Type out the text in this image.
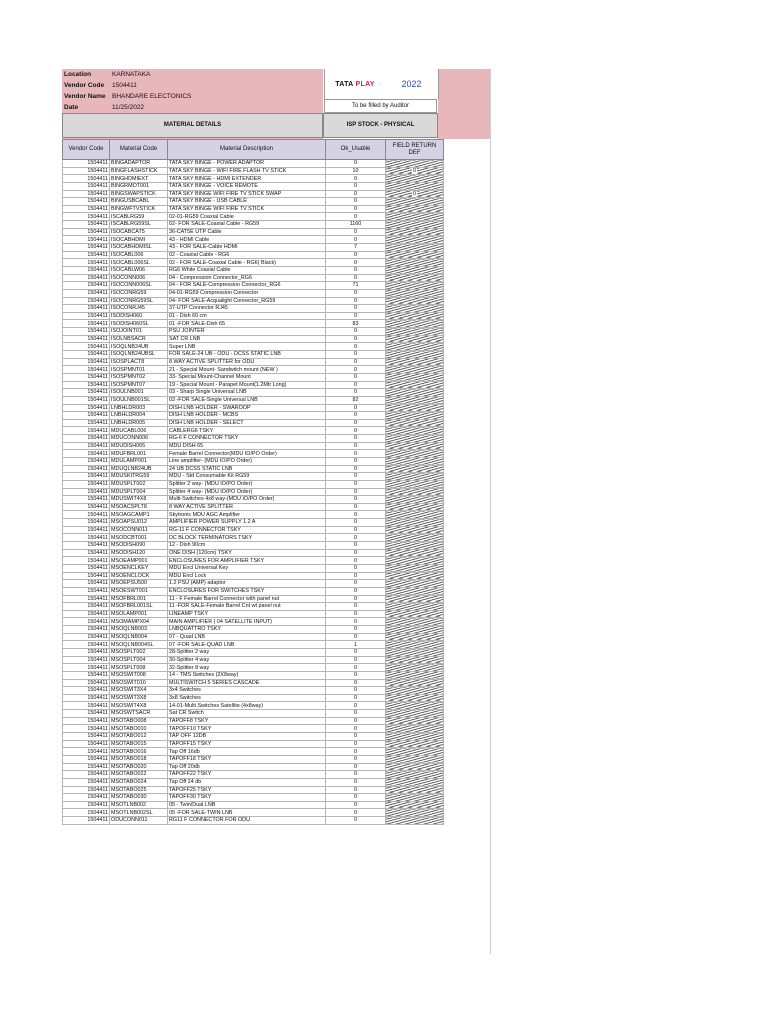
Location	KARNATAKA
Vendor Code	1504411
Vendor Name BHANDARE ELECTONICS
Date	11/25/2022
TATA PLAY	2022
To be filled by Auditor
MATERIAL DETAILS	ISP STOCK - PHYSICAL
Vendor Code	Material Code	Material Description	Ok_Usable	FIELD RETURN DEF
1504411	BINGADAPTOR	TATA SKY BINGE - POWER ADAPTOR	0	
1504411	BINGFLASHSTICK	TATA SKY BINGE - WIFI FIRE FLASH TV STICK	10	0
1504411	BINGHDMIEXT	TATA SKY BINGE - HDMI EXTENDER	0	
1504411	BINGRMOT001	TATA SKY BINGE - VOICE REMOTE	0	
1504411	BINGSWAPSTICK	TATA SKY BINGE WIFI FIRE TV STICK SWAP	0	0
1504411	BINGUSBCABL	TATA SKY BINGE - USB CABLE	0	
1504411	BINGWFTVSTICK	TATA SKY BINGE WIFI FIRE TV STICK	0	
1504411	ISCABLRG59	02-01-RG59 Coaxial Cable	0	
1504411	ISCABLRG59SL	02- FOR SALE-Coaxial Cable - RG59	1160	
1504411	ISOCABCAT5	36-CAT5E UTP Cable	0	
1504411	ISOCABHDMI	43 - HDMI Cable	0	
1504411	ISOCABHDMISL	43 - FOR SALE-Cable HDMI	7	
1504411	ISOCABL006	02 - Coaxial Cable - RG6	0	
1504411	ISOCABL006SL	02 - FOR SALE-Coaxial Cable - RG6( Black)	0	
1504411	ISOCABLW06	RG6 White Coaxial Cable	0	
1504411	ISOCONN006	04 - Compression Connector_RG6	0	
1504411	ISOCONN006SL	04 - FOR SALE-Compression Connector_RG6	71	
1504411	ISOCONRG59	04-01-RG59 Compression Connector	0	
1504411	ISOCONRG59SL	04- FOR SALE-Acqualight Connector_RG59	0	
1504411	ISOCONRJ45	37-UTP Connector RJ45	0	
1504411	ISODISH060	01 - Dish 60 cm	0	
1504411	ISODISH060SL	01 -FOR SALE-Dish 65	83	
1504411	ISOJOINT01	PSU JOINTER	0	
1504411	ISOLNBSACR	SAT CR LNB	0	
1504411	ISOQLNB24UB	Super LNB	0	
1504411	ISOQLNB24UBSL	FOR SALE-24 UB - ODU - DCSS STATIC LNB	0	
1504411	ISOSPLACT8	8 WAY ACTIVE SPLITTER for ODU	0	
1504411	ISOSPMNT01	21 - Special Mount- Sandwitch mount (NEW )	0	
1504411	ISOSPMNT02	33- Special Mount-Channel Mount	0	
1504411	ISOSPMNT07	19 - Special Mount - Parapet Mount(1.2Mtr Long)	0	
1504411	ISOULNB001	03 - Sharp Single Universal LNB	0	
1504411	ISOULNB001SL	03 -FOR SALE-Single Universal LNB	82	
1504411	LNBHLDR003	DISH LNB HOLDER - SWAROOP	0	
1504411	LNBHLDR004	DISH LNB HOLDER - MCBS	0	
1504411	LNBHLDR005	DISH LNB HOLDER - SELECT	0	
1504411	MDUCABL006	CABLERG6 TSKY	0	
1504411	MDUCONN006	RG-6 F CONNECTOR TSKY	0	
1504411	MDUDISH065	MDU DISH 65	0	
1504411	MDUFBRL001	Female Barrel Connector(MDU IO/PO Order)	0	
1504411	MDULAMP001	Line amplifier- (MDU IO/PO Order)	0	
1504411	MDUQLNB24UB	24 UB DCSS STATIC LNB	0	
1504411	MDUSKITRG59	MDU - Std Consumable Kit RG59	0	
1504411	MDUSPLT002	Splitter 2 way- (MDU IO/PO Order)	0	
1504411	MDUSPLT004	Splitter 4 way- (MDU IO/PO Order)	0	
1504411	MDUSWIT4X8	Multi-Switches 4x8 way-(MDU IO/PO Order)	0	
1504411	MSOACSPLT8	8 WAY ACTIVE SPLITTER	0	
1504411	MSOAGCAMP1	Skytronic MDU AGC Amplifier	0	
1504411	MSOAPSU012	AMPLIFIER POWER SUPPLY 1.2 A	0	
1504411	MSOCONN011	RG-11 F CONNECTOR TSKY	0	
1504411	MSODCBT001	DC BLOCK TERMINATORS TSKY	0	
1504411	MSODISH090	12 - Dish 90cm	0	
1504411	MSODISH120	ONE DISH (120cm) TSKY	0	
1504411	MSOEAMP001	ENCLOSURES FOR AMPLIFIER TSKY	0	
1504411	MSOENCLKEY	MDU Encl Universal Key	0	
1504411	MSOENCLOCK	MDU Encl Lock	0	
1504411	MSOEPSU500	1.2 PSU (AMP) adaptor	0	
1504411	MSOESWT001	ENCLOSURES FOR SWITCHES TSKY	0	
1504411	MSOFBRL001	11 - F Female Barrel Connector with panel nut	0	
1504411	MSOFBRL001SL	11 -FOR SALE-Female Barrel Cnt wt panel nut	0	
1504411	MSOLAMP001	LINEAMP TSKY	0	
1504411	MSOMAMPX04	MAIN AMPLIFIER ( 04 SATELLITE INPUT)	0	
1504411	MSOQLNB003	LNBQUATTRO TSKY	0	
1504411	MSOQLNB004	07 - Quad LNB	0	
1504411	MSOQLNB004SL	07 -FOR SALE-QUAD LNB	1	
1504411	MSOSPLT002	28-Splitter 2 way	0	
1504411	MSOSPLT004	30-Splitter 4 way	0	
1504411	MSOSPLT008	32-Splitter 8 way	0	
1504411	MSOSWIT008	14 - TMS Switches (2X8way)	0	
1504411	MSOSWIT010	MULTISWITCH 5 SERIES CASCADE	0	
1504411	MSOSWIT3X4	3x4 Switches	0	
1504411	MSOSWIT3X8	3x8 Switches	0	
1504411	MSOSWIT4X8	14-01-Multi Switches Satellite (4x8way)	0	
1504411	MSOSWTSACR	Sat CR Switch	0	
1504411	MSOTABO008	TAPOFF8 TSKY	0	
1504411	MSOTABO010	TAPOFF10 TSKY	0	
1504411	MSOTABO012	TAP OFF 12DB	0	
1504411	MSOTABO015	TAPOFF15 TSKY	0	
1504411	MSOTABO016	Tap Off 16db	0	
1504411	MSOTABO018	TAPOFF18 TSKY	0	
1504411	MSOTABO020	Tap Off 20db	0	
1504411	MSOTABO022	TAPOFF22 TSKY	0	
1504411	MSOTABO024	Tap Off 24 db	0	
1504411	MSOTABO025	TAPOFF25 TSKY	0	
1504411	MSOTABO030	TAPOFF30 TSKY	0	
1504411	MSOTLNB002	05 - Twin/Dual LNB	0	
1504411	MSOTLNB002SL	05 -FOR SALE-TWIN LNB	0	
1504411	ODUCONN011	RG11 F CONNECTOR FOR ODU	0	
